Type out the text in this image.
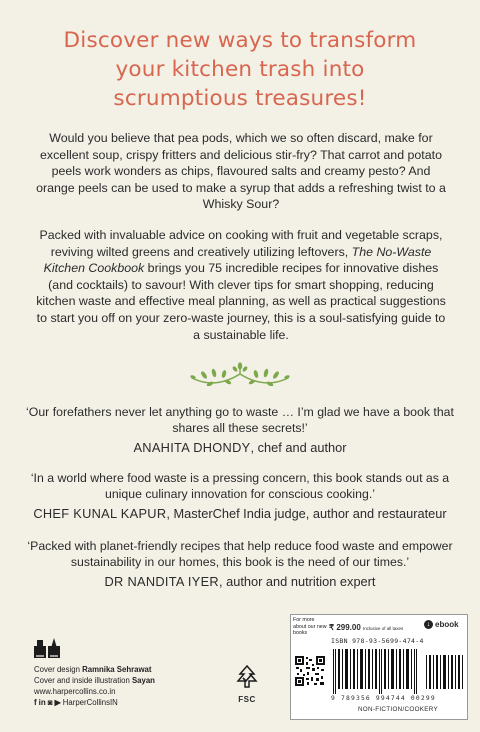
Discover new ways to transform
your kitchen trash into
scrumptious treasures!

Would you believe that pea pods, which we so often discard, make for excellent soup, crispy fritters and delicious stir-fry? That carrot and potato peels work wonders as chips, flavoured salts and creamy pesto? And orange peels can be used to make a syrup that adds a refreshing twist to a Whisky Sour?

Packed with invaluable advice on cooking with fruit and vegetable scraps, reviving wilted greens and creatively utilizing leftovers, The No-Waste Kitchen Cookbook brings you 75 incredible recipes for innovative dishes (and cocktails) to savour! With clever tips for smart shopping, reducing kitchen waste and effective meal planning, as well as practical suggestions to start you off on your zero-waste journey, this is a soul-satisfying guide to a sustainable life.

‘Our forefathers never let anything go to waste … I’m glad we have a book that shares all these secrets!’
ANAHITA DHONDY, chef and author
‘In a world where food waste is a pressing concern, this book stands out as a unique culinary innovation for conscious cooking.’
CHEF KUNAL KAPUR, MasterChef India judge, author and restaurateur
‘Packed with planet-friendly recipes that help reduce food waste and empower sustainability in our homes, this book is the need of our times.’
DR NANDITA IYER, author and nutrition expert
Cover design Ramnika Sehrawat
Cover and inside illustration Sayan
www.harpercollins.co.in
f in ◙ ▶ HarperCollinsIN	FSC
For more about our new books
₹ 299.00 Inclusive of all taxes
↓ ebook
ISBN 978-93-5699-474-4
9 789356 994744 00299
NON-FICTION/COOKERY
